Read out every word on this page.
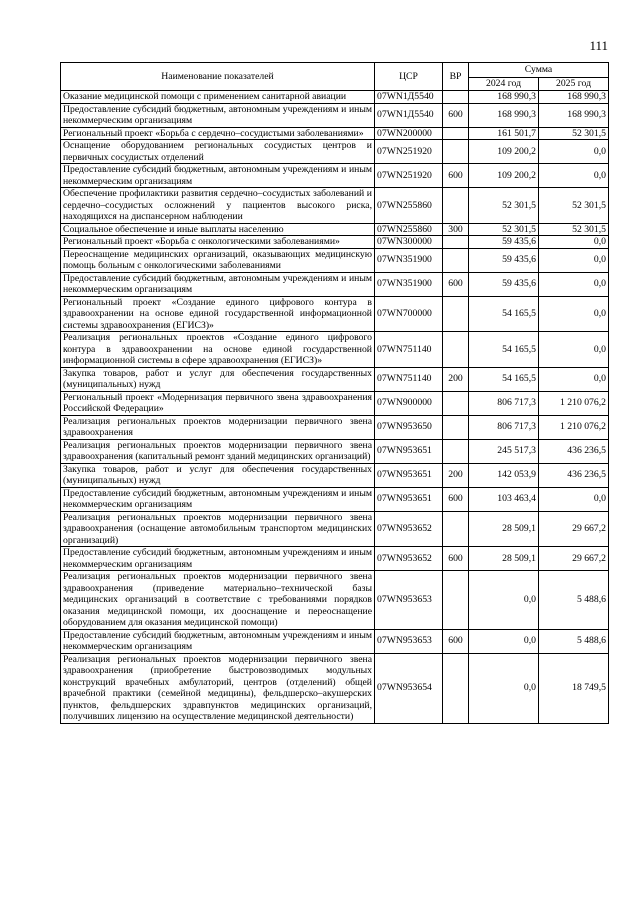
111
Наименование показателей	ЦСР	ВР	Сумма	
			2024 год	2025 год
Оказание медицинской помощи с применением санитарной авиации	07WN1Д5540		168 990,3	168 990,3
Предоставление субсидий бюджетным, автономным учреждениям и иным некоммерческим организациям	07WN1Д5540	600	168 990,3	168 990,3
Региональный проект «Борьба с сердечно–сосудистыми заболеваниями»	07WN200000		161 501,7	52 301,5
Оснащение оборудованием региональных сосудистых центров и первичных сосудистых отделений	07WN251920		109 200,2	0,0
Предоставление субсидий бюджетным, автономным учреждениям и иным некоммерческим организациям	07WN251920	600	109 200,2	0,0
Обеспечение профилактики развития сердечно–сосудистых заболеваний и сердечно–сосудистых осложнений у пациентов высокого риска, находящихся на диспансерном наблюдении	07WN255860		52 301,5	52 301,5
Социальное обеспечение и иные выплаты населению	07WN255860	300	52 301,5	52 301,5
Региональный проект «Борьба с онкологическими заболеваниями»	07WN300000		59 435,6	0,0
Переоснащение медицинских организаций, оказывающих медицинскую помощь больным с онкологическими заболеваниями	07WN351900		59 435,6	0,0
Предоставление субсидий бюджетным, автономным учреждениям и иным некоммерческим организациям	07WN351900	600	59 435,6	0,0
Региональный проект «Создание единого цифрового контура в здравоохранении на основе единой государственной информационной системы здравоохранения (ЕГИСЗ)»	07WN700000		54 165,5	0,0
Реализация региональных проектов «Создание единого цифрового контура в здравоохранении на основе единой государственной информационной системы в сфере здравоохранения (ЕГИСЗ)»	07WN751140		54 165,5	0,0
Закупка товаров, работ и услуг для обеспечения государственных (муниципальных) нужд	07WN751140	200	54 165,5	0,0
Региональный проект «Модернизация первичного звена здравоохранения Российской Федерации»	07WN900000		806 717,3	1 210 076,2
Реализация региональных проектов модернизации первичного звена здравоохранения	07WN953650		806 717,3	1 210 076,2
Реализация региональных проектов модернизации первичного звена здравоохранения (капитальный ремонт зданий медицинских организаций)	07WN953651		245 517,3	436 236,5
Закупка товаров, работ и услуг для обеспечения государственных (муниципальных) нужд	07WN953651	200	142 053,9	436 236,5
Предоставление субсидий бюджетным, автономным учреждениям и иным некоммерческим организациям	07WN953651	600	103 463,4	0,0
Реализация региональных проектов модернизации первичного звена здравоохранения (оснащение автомобильным транспортом медицинских организаций)	07WN953652		28 509,1	29 667,2
Предоставление субсидий бюджетным, автономным учреждениям и иным некоммерческим организациям	07WN953652	600	28 509,1	29 667,2
Реализация региональных проектов модернизации первичного звена здравоохранения (приведение материально–технической базы медицинских организаций в соответствие с требованиями порядков оказания медицинской помощи, их дооснащение и переоснащение оборудованием для оказания медицинской помощи)	07WN953653		0,0	5 488,6
Предоставление субсидий бюджетным, автономным учреждениям и иным некоммерческим организациям	07WN953653	600	0,0	5 488,6
Реализация региональных проектов модернизации первичного звена здравоохранения (приобретение быстровозводимых модульных конструкций врачебных амбулаторий, центров (отделений) общей врачебной практики (семейной медицины), фельдшерско–акушерских пунктов, фельдшерских здравпунктов медицинских организаций, получивших лицензию на осуществление медицинской деятельности)	07WN953654		0,0	18 749,5
